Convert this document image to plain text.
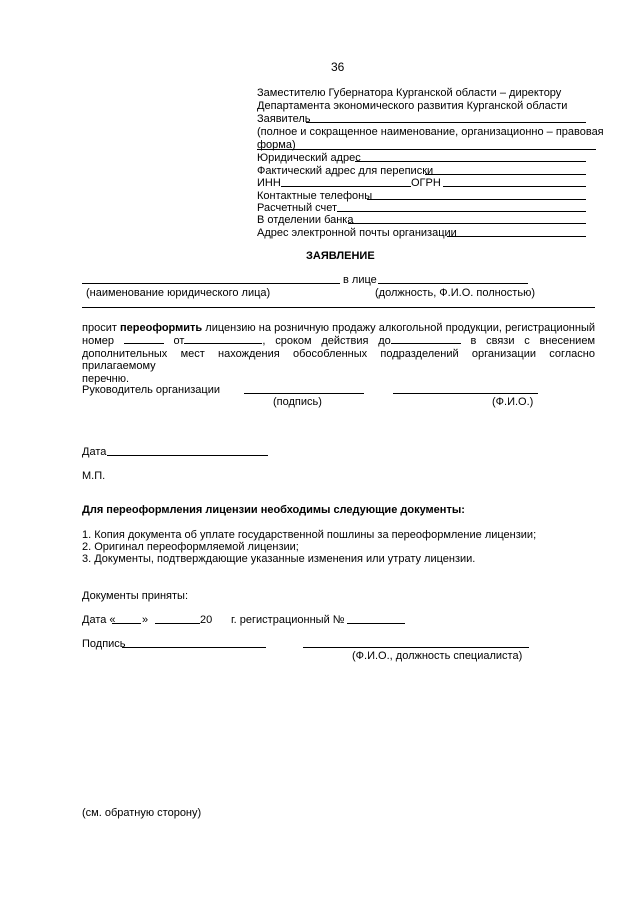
36
Заместителю Губернатора Курганской области – директору
Департамента экономического развития Курганской области
Заявитель
(полное и сокращенное наименование, организационно – правовая
форма)
Юридический адрес
Фактический адрес для переписки
ИНН	ОГРН
Контактные телефоны
Расчетный счет
В отделении банка
Адрес электронной почты организации
ЗАЯВЛЕНИЕ
в лице
(наименование юридического лица)	(должность, Ф.И.О. полностью)
просит переоформить лицензию на розничную продажу алкогольной продукции, регистрационный
номер	от	, сроком действия до	в связи с внесением
дополнительных мест нахождения обособленных подразделений организации согласно прилагаемому
перечню.
Руководитель организации
(подпись)	(Ф.И.О.)
Дата
М.П.
Для переоформления лицензии необходимы следующие документы:
1. Копия документа об уплате государственной пошлины за переоформление лицензии;
2. Оригинал переоформляемой лицензии;
3. Документы, подтверждающие указанные изменения или утрату лицензии.
Документы приняты:
Дата « »	20 г. регистрационный №
Подпись
(Ф.И.О., должность специалиста)
(см. обратную сторону)
